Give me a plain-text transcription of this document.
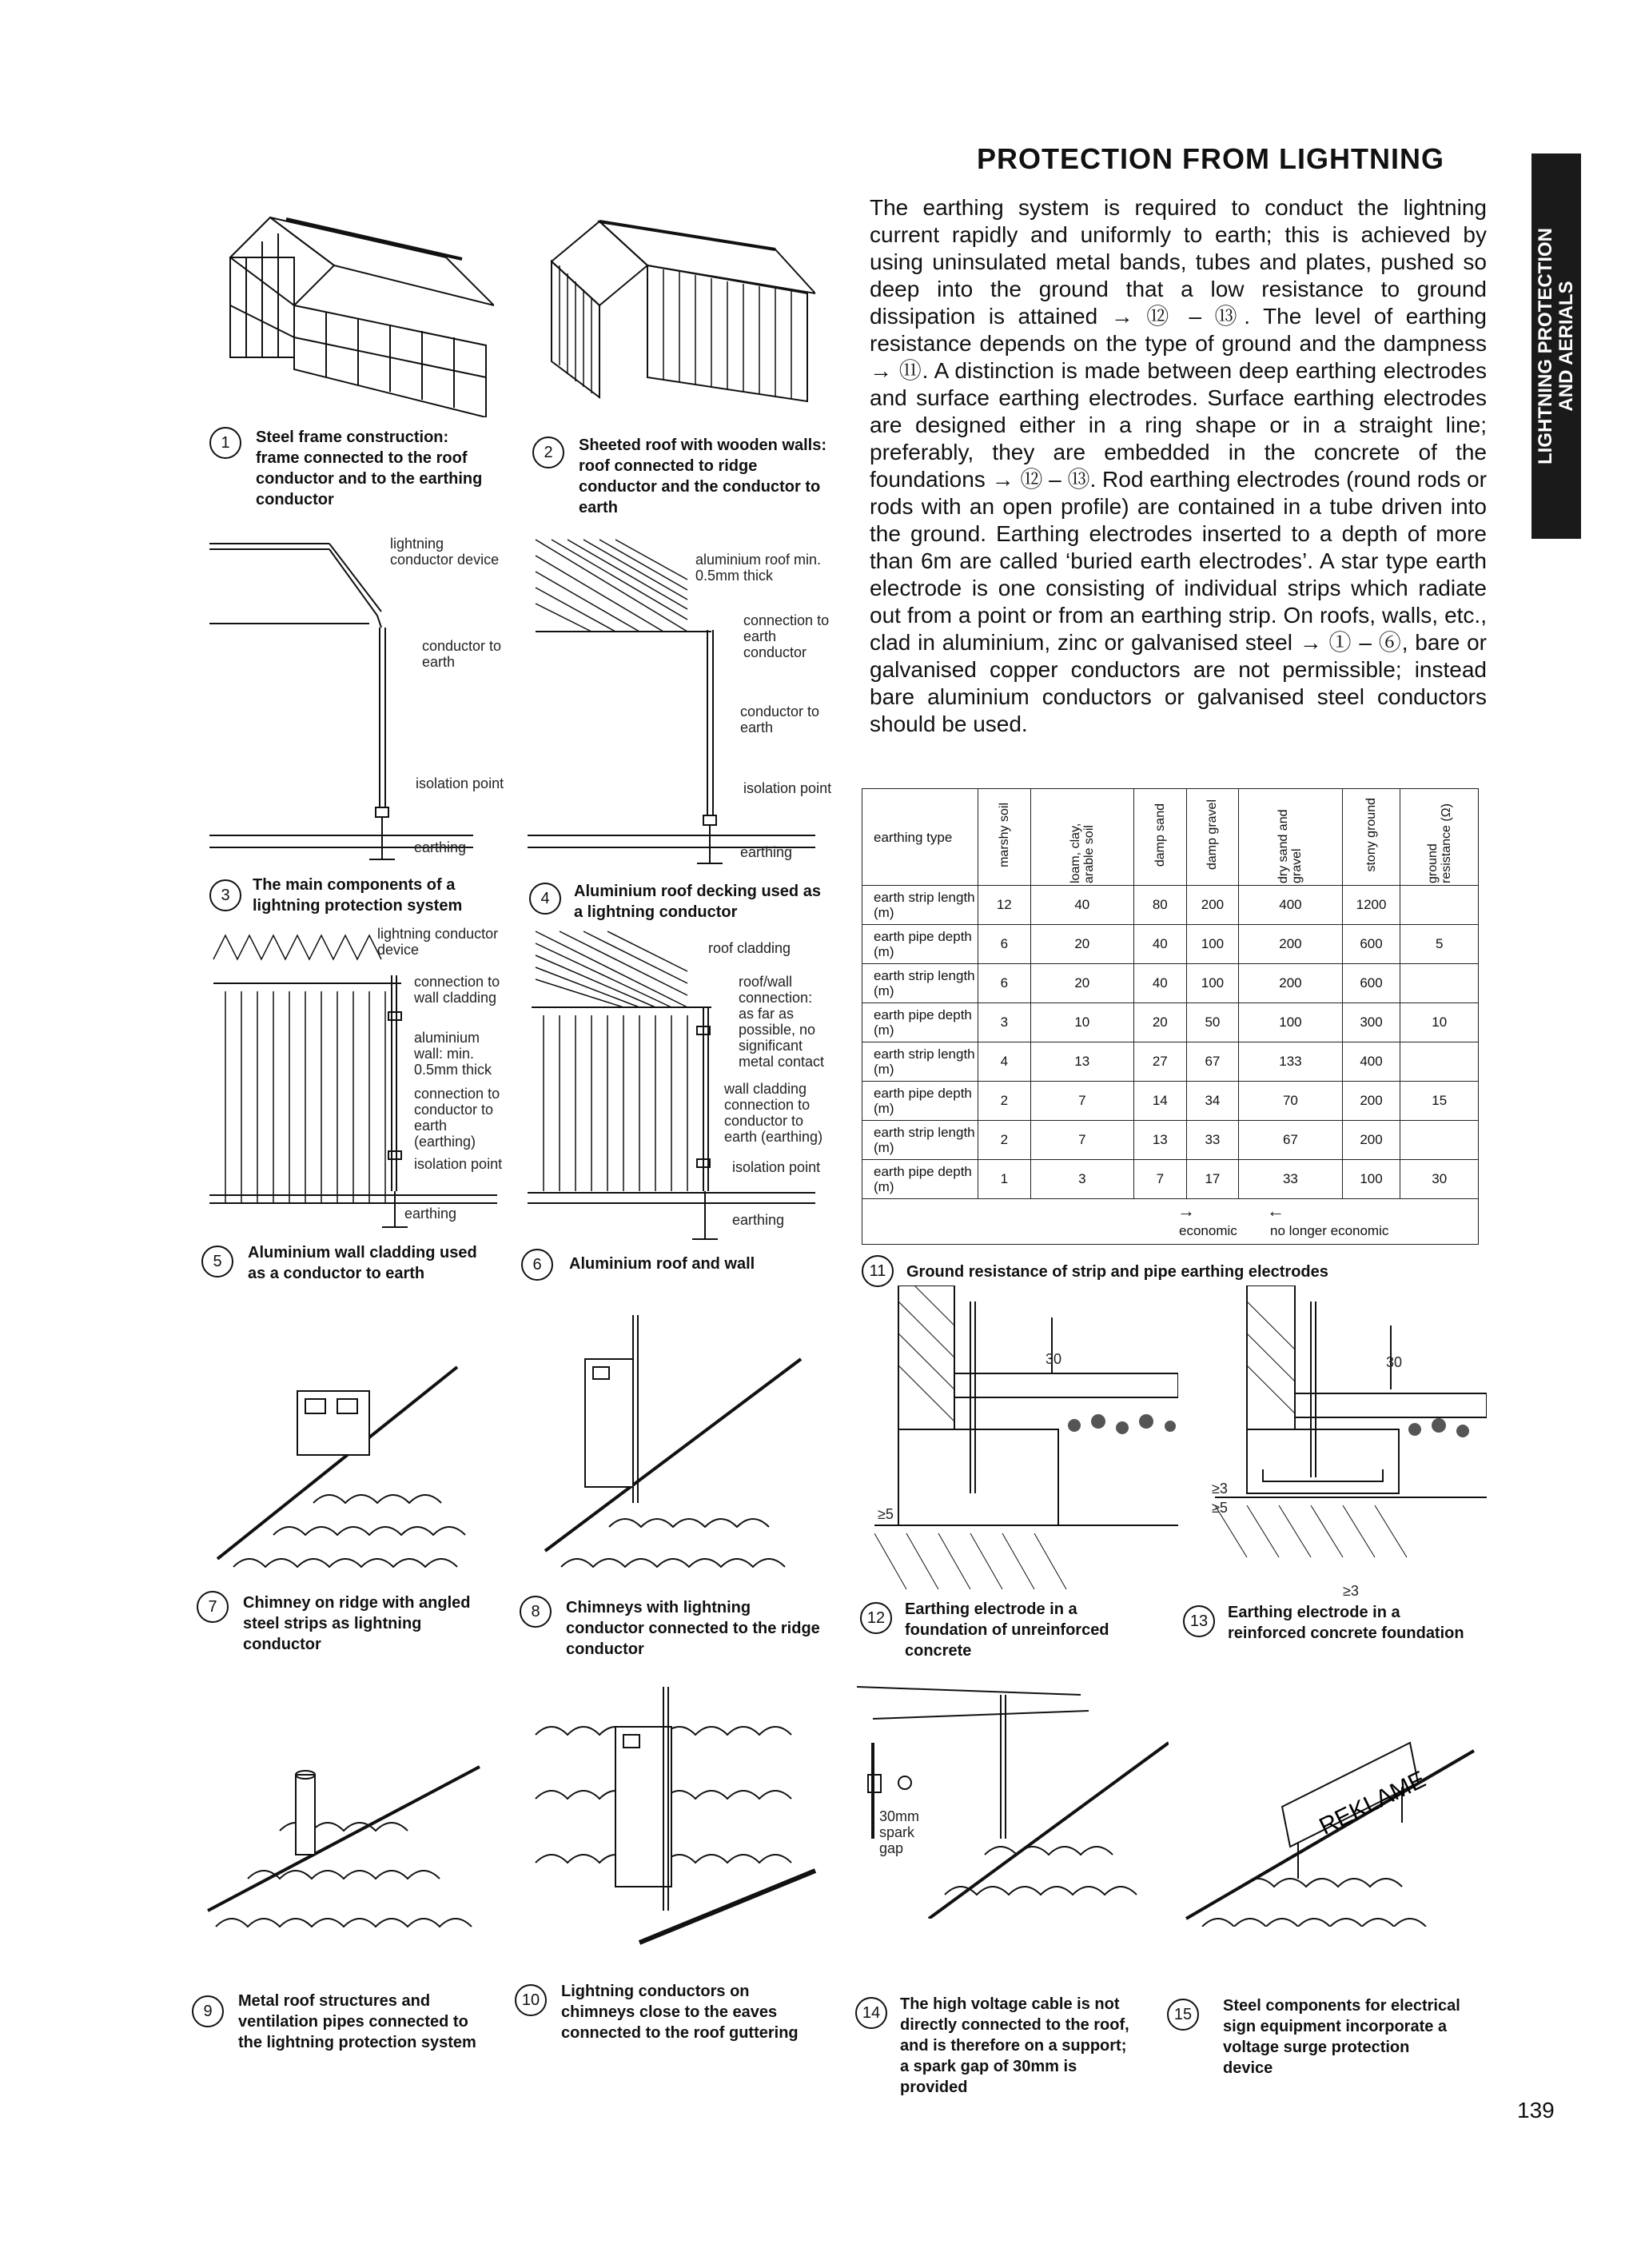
PROTECTION FROM LIGHTNING
LIGHTNING PROTECTION AND AERIALS
The earthing system is required to conduct the lightning current rapidly and uniformly to earth; this is achieved by using uninsulated metal bands, tubes and plates, pushed so deep into the ground that a low resistance to ground dissipation is attained → ⑫ – ⑬. The level of earthing resistance depends on the type of ground and the dampness → ⑪. A distinction is made between deep earthing electrodes and surface earthing electrodes. Surface earthing electrodes are designed either in a ring shape or in a straight line; preferably, they are embedded in the concrete of the foundations → ⑫ – ⑬. Rod earthing electrodes (round rods or rods with an open profile) are contained in a tube driven into the ground. Earthing electrodes inserted to a depth of more than 6m are called ‘buried earth electrodes’. A star type earth electrode is one consisting of individual strips which radiate out from a point or from an earthing strip. On roofs, walls, etc., clad in aluminium, zinc or galvanised steel → ① – ⑥, bare or galvanised copper conductors are not permissible; instead bare aluminium conductors or galvanised steel conductors should be used.
1	Steel frame construction: frame connected to the roof conductor and to the earthing conductor
2	Sheeted roof with wooden walls: roof connected to ridge conductor and the conductor to earth
lightning conductor device
conductor to earth
isolation point
earthing
3
The main components of a lightning protection system
aluminium roof min. 0.5mm thick
connection to earth conductor
conductor to earth
isolation point
earthing
4	Aluminium roof decking used as a lightning conductor
lightning conductor device
connection to wall cladding
aluminium wall: min. 0.5mm thick
connection to conductor to earth (earthing)
isolation point
earthing
5	Aluminium wall cladding used as a conductor to earth
roof cladding
roof/wall connection: as far as possible, no significant metal contact
wall cladding connection to conductor to earth (earthing)
isolation point
earthing
6	Aluminium roof and wall
earthing type	marshy soil	loam, clay, arable soil	damp sand	damp gravel	dry sand and gravel	stony ground	ground resistance (Ω)
earth strip length (m)	12	40	80	200	400	1200	
earth pipe depth (m)	6	20	40	100	200	600	5
earth strip length (m)	6	20	40	100	200	600	
earth pipe depth (m)	3	10	20	50	100	300	10
earth strip length (m)	4	13	27	67	133	400	
earth pipe depth (m)	2	7	14	34	70	200	15
earth strip length (m)	2	7	13	33	67	200	
earth pipe depth (m)	1	3	7	17	33	100	30

→ ←
economic no longer economic							
11	Ground resistance of strip and pipe earthing electrodes
30
≥5
12	Earthing electrode in a foundation of unreinforced concrete
30
≥3
≥5
≥3
13	Earthing electrode in a reinforced concrete foundation
7	Chimney on ridge with angled steel strips as lightning conductor
8	Chimneys with lightning conductor connected to the ridge conductor
9
Metal roof structures and ventilation pipes connected to the lightning protection system
10	Lightning conductors on chimneys close to the eaves connected to the roof guttering
30mm spark gap
14	The high voltage cable is not directly connected to the roof, and is therefore on a support; a spark gap of 30mm is provided
REKLAME
15	Steel components for electrical sign equipment incorporate a voltage surge protection device
139
